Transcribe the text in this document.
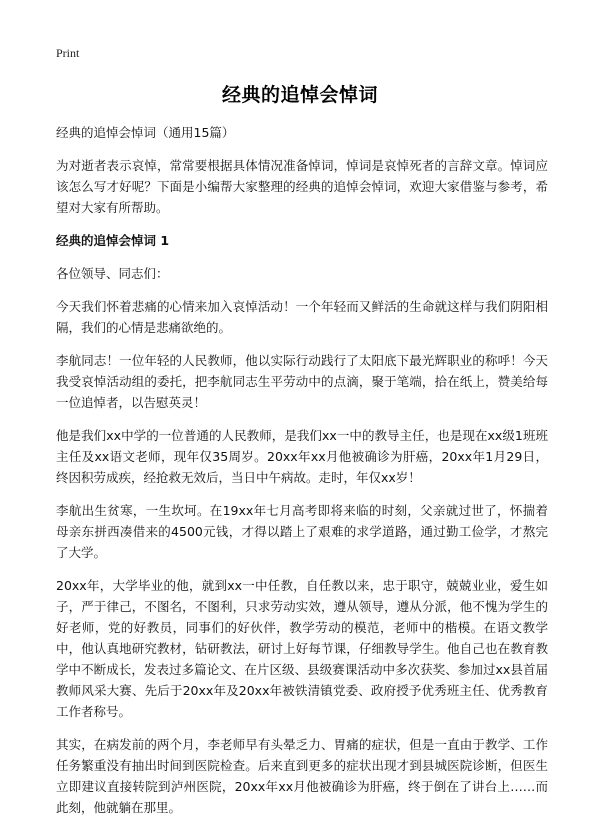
Print
经典的追悼会悼词

经典的追悼会悼词（通用15篇）

为对逝者表示哀悼，常常要根据具体情况准备悼词，悼词是哀悼死者的言辞文章。悼词应该怎么写才好呢？下面是小编帮大家整理的经典的追悼会悼词，欢迎大家借鉴与参考，希望对大家有所帮助。

经典的追悼会悼词 1

各位领导、同志们：

今天我们怀着悲痛的心情来加入哀悼活动！一个年轻而又鲜活的生命就这样与我们阴阳相隔，我们的心情是悲痛欲绝的。

李航同志！一位年轻的人民教师，他以实际行动践行了太阳底下最光辉职业的称呼！今天我受哀悼活动组的委托，把李航同志生平劳动中的点滴，聚于笔端，拾在纸上，赞美给每一位追悼者，以告慰英灵！

他是我们xx中学的一位普通的人民教师，是我们xx一中的教导主任，也是现在xx级1班班主任及xx语文老师，现年仅35周岁。20xx年xx月他被确诊为肝癌，20xx年1月29日，终因积劳成疾，经抢救无效后，当日中午病故。走时，年仅xx岁！

李航出生贫寒，一生坎坷。在19xx年七月高考即将来临的时刻，父亲就过世了，怀揣着母亲东拼西凑借来的4500元钱，才得以踏上了艰难的求学道路，通过勤工俭学，才熬完了大学。

20xx年，大学毕业的他，就到xx一中任教，自任教以来，忠于职守，兢兢业业，爱生如子，严于律己，不图名，不图利，只求劳动实效，遵从领导，遵从分派，他不愧为学生的好老师，党的好教员，同事们的好伙伴，教学劳动的模范，老师中的楷模。在语文教学中，他认真地研究教材，钻研教法，研讨上好每节课，仔细教导学生。他自己也在教育教学中不断成长，发表过多篇论文、在片区级、县级赛课活动中多次获奖、参加过xx县首届教师风采大赛、先后于20xx年及20xx年被铁清镇党委、政府授予优秀班主任、优秀教育工作者称号。

其实，在病发前的两个月，李老师早有头晕乏力、胃痛的症状，但是一直由于教学、工作任务繁重没有抽出时间到医院检查。后来直到更多的症状出现才到县城医院诊断，但医生立即建议直接转院到泸州医院，20xx年xx月他被确诊为肝癌，终于倒在了讲台上……而此刻，他就躺在那里。
